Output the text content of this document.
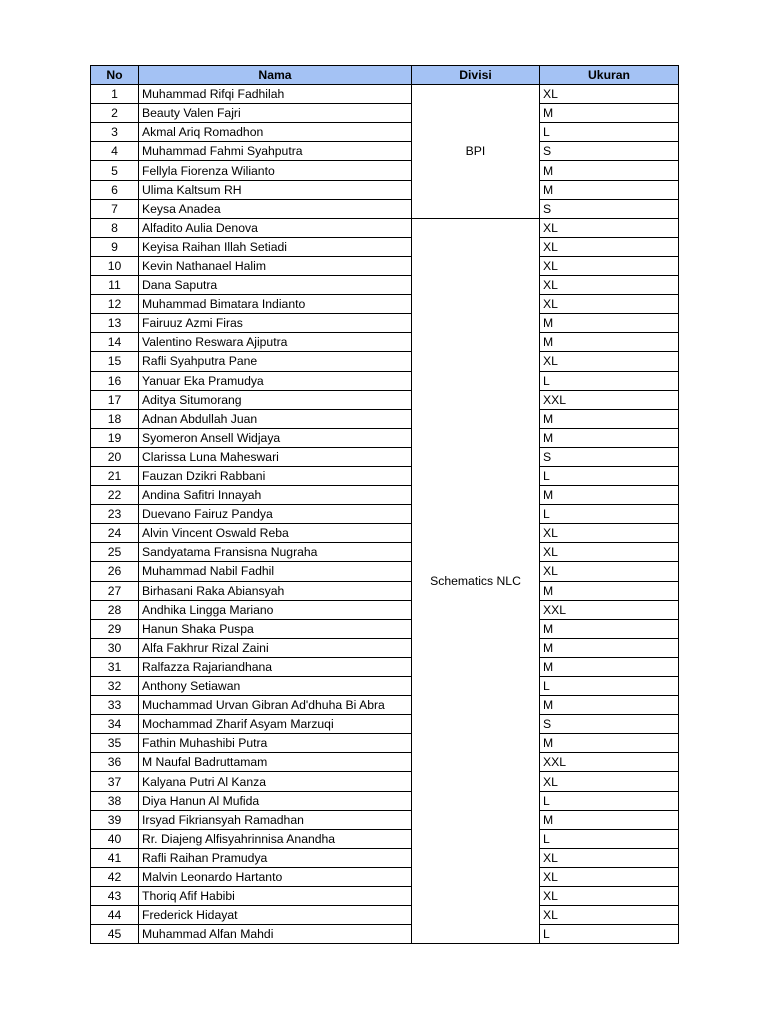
No	Nama	Divisi	Ukuran
1	Muhammad Rifqi Fadhilah	BPI	XL
2	Beauty Valen Fajri		M
3	Akmal Ariq Romadhon		L
4	Muhammad Fahmi Syahputra		S
5	Fellyla Fiorenza Wilianto		M
6	Ulima Kaltsum RH		M
7	Keysa Anadea		S
8	Alfadito Aulia Denova	Schematics NLC	XL
9	Keyisa Raihan Illah Setiadi		XL
10	Kevin Nathanael Halim		XL
11	Dana Saputra		XL
12	Muhammad Bimatara Indianto		XL
13	Fairuuz Azmi Firas		M
14	Valentino Reswara Ajiputra		M
15	Rafli Syahputra Pane		XL
16	Yanuar Eka Pramudya		L
17	Aditya Situmorang		XXL
18	Adnan Abdullah Juan		M
19	Syomeron Ansell Widjaya		M
20	Clarissa Luna Maheswari		S
21	Fauzan Dzikri Rabbani		L
22	Andina Safitri Innayah		M
23	Duevano Fairuz Pandya		L
24	Alvin Vincent Oswald Reba		XL
25	Sandyatama Fransisna Nugraha		XL
26	Muhammad Nabil Fadhil		XL
27	Birhasani Raka Abiansyah		M
28	Andhika Lingga Mariano		XXL
29	Hanun Shaka Puspa		M
30	Alfa Fakhrur Rizal Zaini		M
31	Ralfazza Rajariandhana		M
32	Anthony Setiawan		L
33	Muchammad Urvan Gibran Ad'dhuha Bi Abra		M
34	Mochammad Zharif Asyam Marzuqi		S
35	Fathin Muhashibi Putra		M
36	M Naufal Badruttamam		XXL
37	Kalyana Putri Al Kanza		XL
38	Diya Hanun Al Mufida		L
39	Irsyad Fikriansyah Ramadhan		M
40	Rr. Diajeng Alfisyahrinnisa Anandha		L
41	Rafli Raihan Pramudya		XL
42	Malvin Leonardo Hartanto		XL
43	Thoriq Afif Habibi		XL
44	Frederick Hidayat		XL
45	Muhammad Alfan Mahdi		L
